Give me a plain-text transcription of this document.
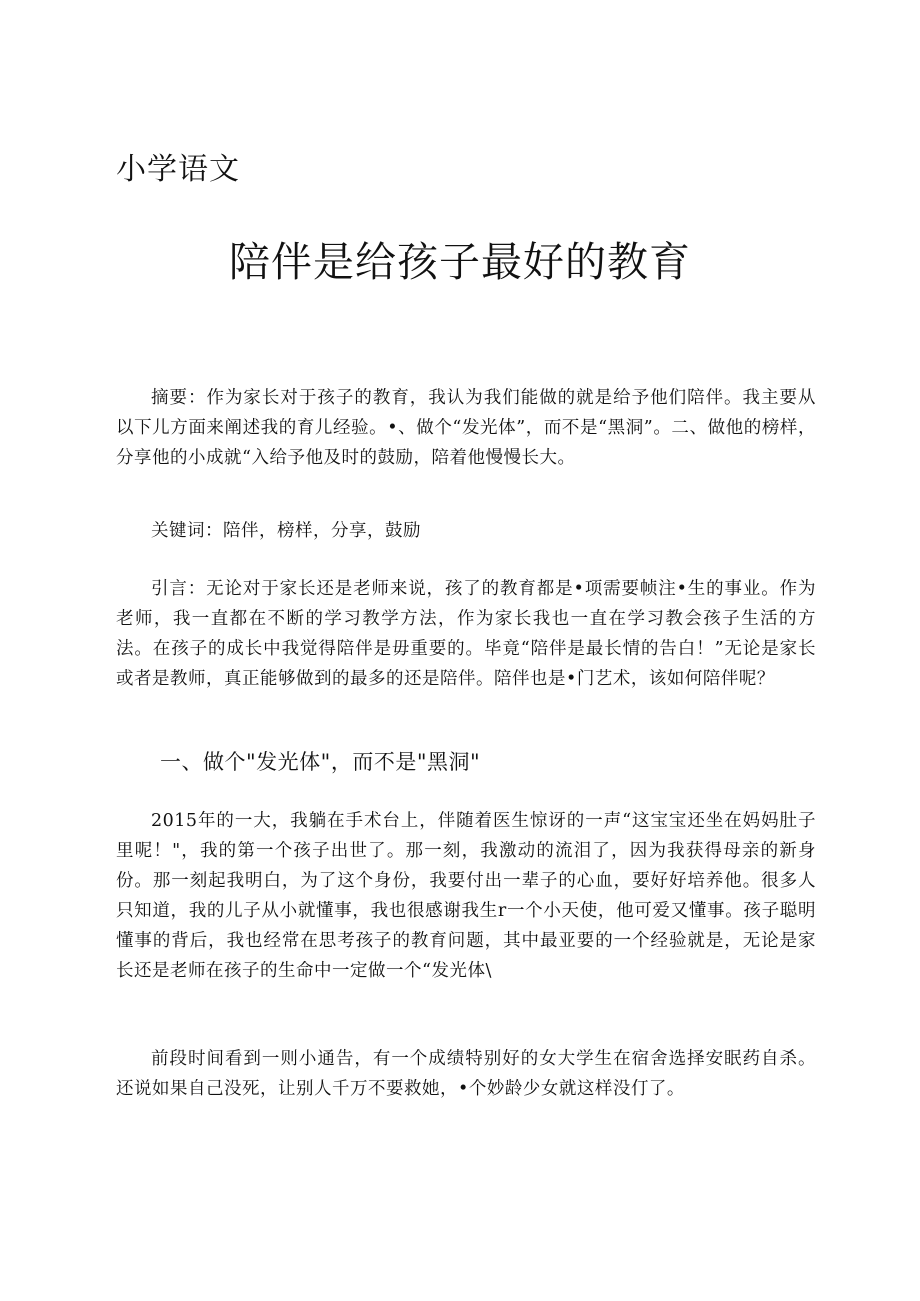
小学语文
陪伴是给孩子最好的教育
摘要：作为家长对于孩子的教育，我认为我们能做的就是给予他们陪伴。我主要从以下儿方面来阐述我的育儿经验。•、做个“发光体”，而不是“黑洞”。二、做他的榜样，分享他的小成就“入给予他及时的鼓励，陪着他慢慢长大。
关键词：陪伴，榜样，分享，鼓励
引言：无论对于家长还是老师来说，孩了的教育都是•项需要帧注•生的事业。作为老师，我一直都在不断的学习教学方法，作为家长我也一直在学习教会孩子生活的方法。在孩子的成长中我觉得陪伴是毋重要的。毕竟“陪伴是最长情的告白！”无论是家长或者是教师，真正能够做到的最多的还是陪伴。陪伴也是•门艺术，该如何陪伴呢？
一、做个"发光体"，而不是"黑洞"
2015年的一大，我躺在手术台上，伴随着医生惊讶的一声“这宝宝还坐在妈妈肚子里呢！"，我的第一个孩子出世了。那一刻，我激动的流泪了，因为我获得母亲的新身份。那一刻起我明白，为了这个身份，我要付出一辈子的心血，要好好培养他。很多人只知道，我的儿子从小就懂事，我也很感谢我生r一个小天使，他可爱又懂事。孩子聪明懂事的背后，我也经常在思考孩子的教育问题，其中最亚要的一个经验就是，无论是家长还是老师在孩子的生命中一定做一个“发光体\
前段时间看到一则小通告，有一个成绩特别好的女大学生在宿舍选择安眠药自杀。还说如果自己没死，让别人千万不要救她，•个妙龄少女就这样没仃了。
